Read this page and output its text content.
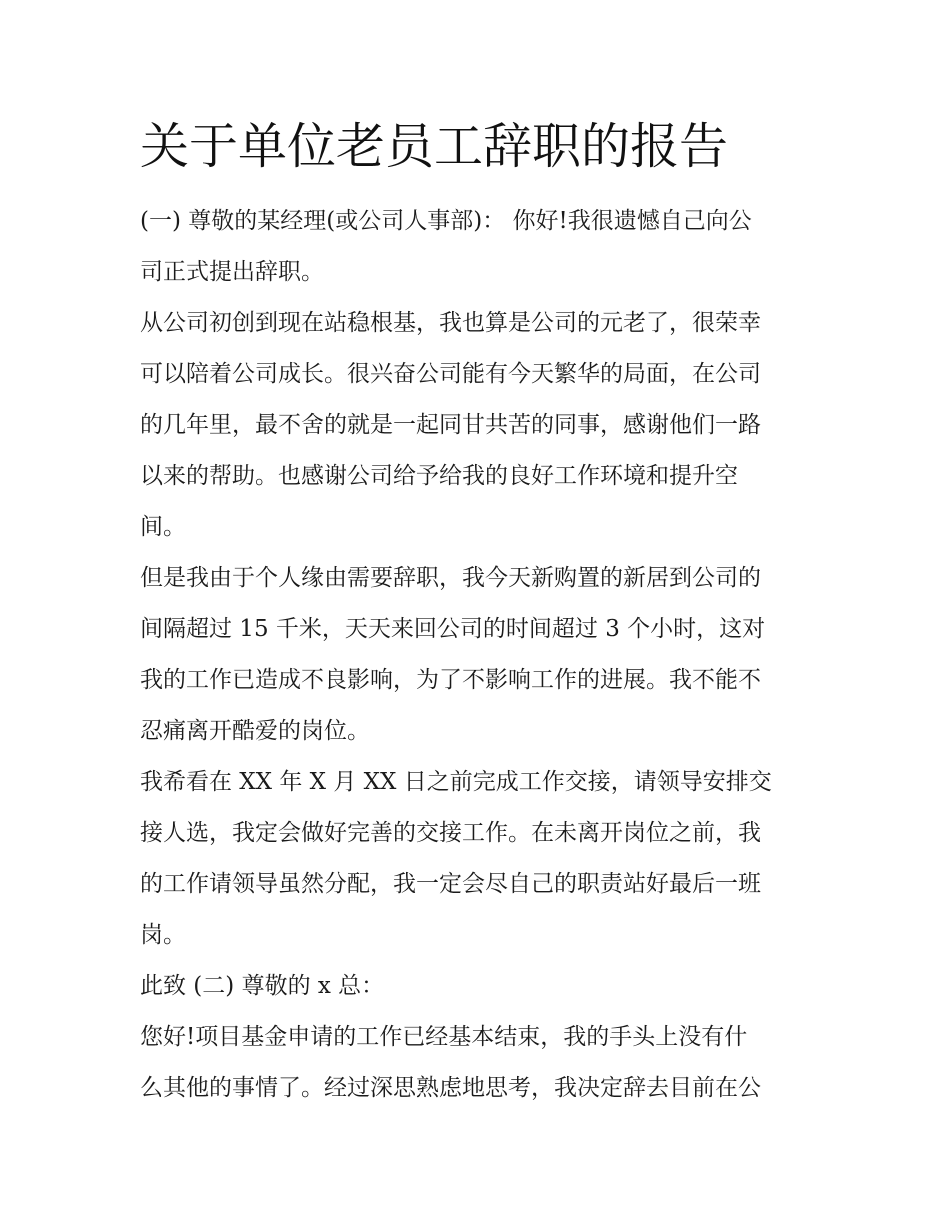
关于单位老员工辞职的报告
(一) 尊敬的某经理(或公司人事部)： 你好!我很遗憾自己向公
司正式提出辞职。
从公司初创到现在站稳根基，我也算是公司的元老了，很荣幸
可以陪着公司成长。很兴奋公司能有今天繁华的局面，在公司
的几年里，最不舍的就是一起同甘共苦的同事，感谢他们一路
以来的帮助。也感谢公司给予给我的良好工作环境和提升空
间。
但是我由于个人缘由需要辞职，我今天新购置的新居到公司的
间隔超过 15 千米，天天来回公司的时间超过 3 个小时，这对
我的工作已造成不良影响，为了不影响工作的进展。我不能不
忍痛离开酷爱的岗位。
我希看在 XX 年 X 月 XX 日之前完成工作交接，请领导安排交
接人选，我定会做好完善的交接工作。在未离开岗位之前，我
的工作请领导虽然分配，我一定会尽自己的职责站好最后一班
岗。
此致 (二) 尊敬的 x 总：
您好!项目基金申请的工作已经基本结束，我的手头上没有什
么其他的事情了。经过深思熟虑地思考，我决定辞去目前在公
